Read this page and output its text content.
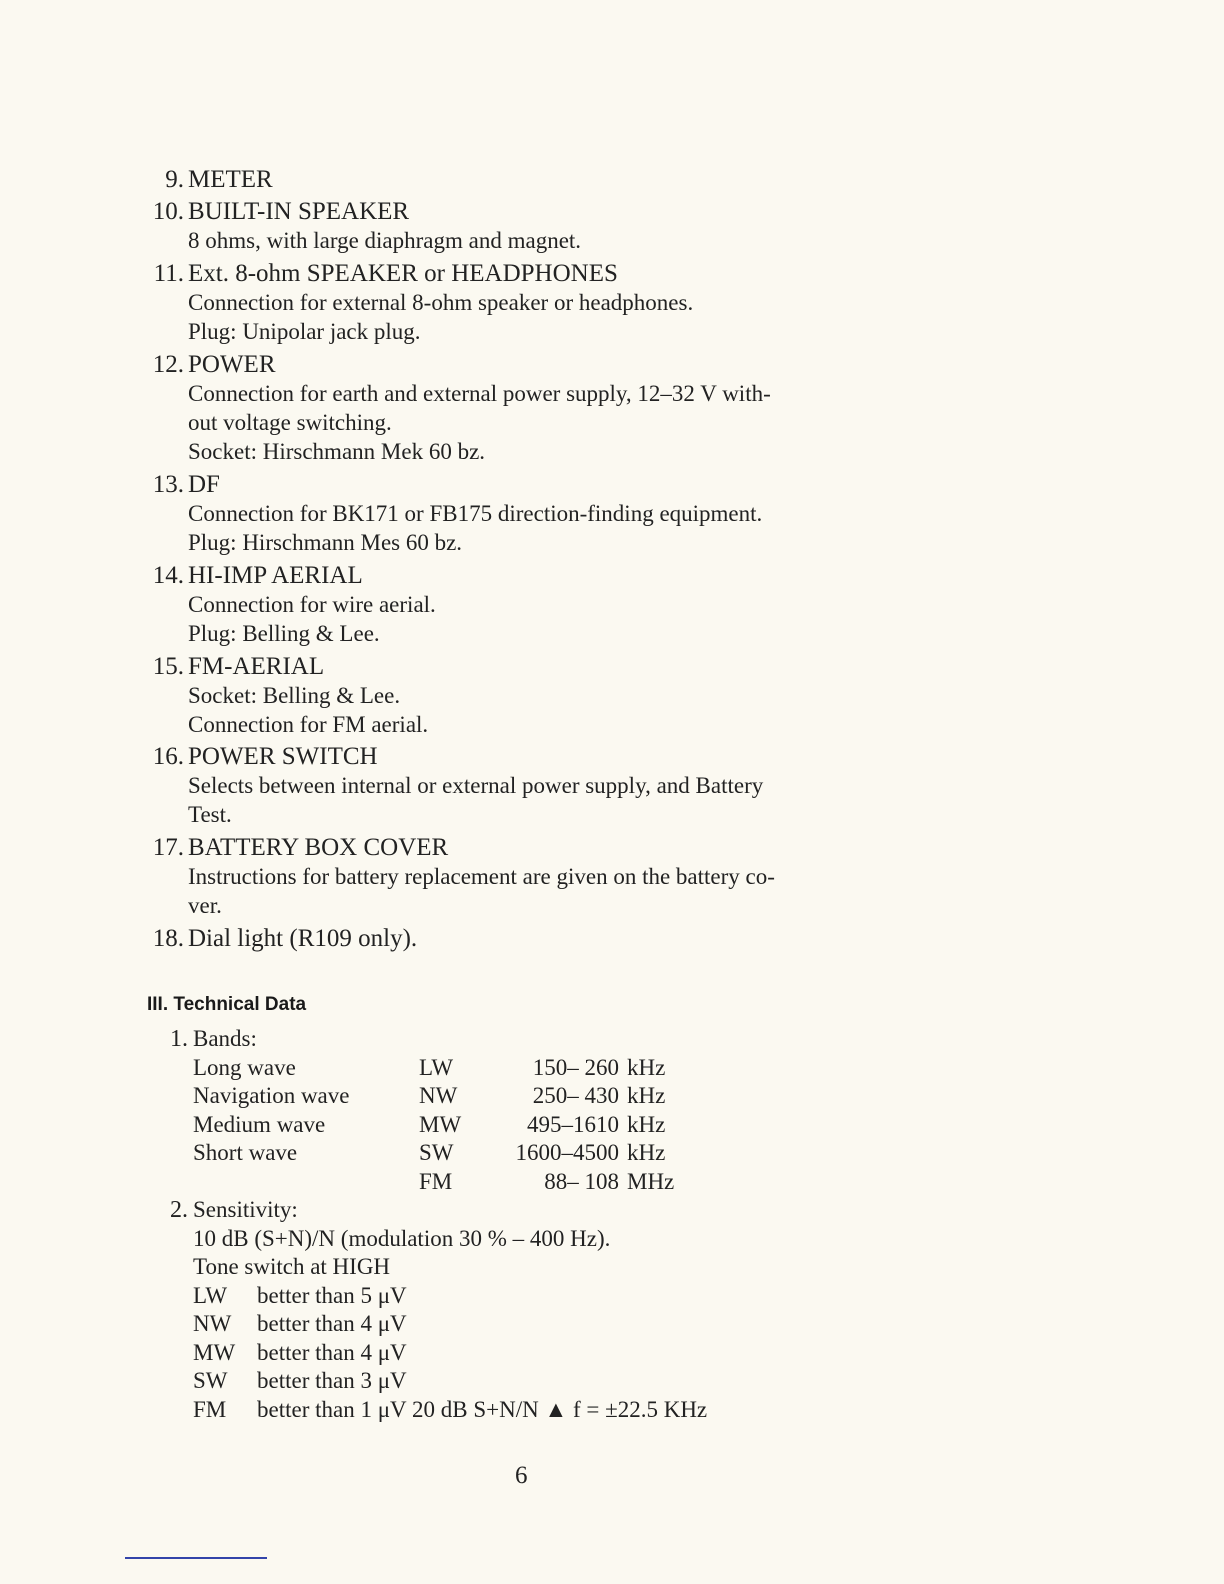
9. METER
10. BUILT-IN SPEAKER
8 ohms, with large diaphragm and magnet.
11. Ext. 8-ohm SPEAKER or HEADPHONES
Connection for external 8-ohm speaker or headphones.
Plug: Unipolar jack plug.
12. POWER
Connection for earth and external power supply, 12–32 V with-
out voltage switching.
Socket: Hirschmann Mek 60 bz.
13. DF
Connection for BK171 or FB175 direction-finding equipment.
Plug: Hirschmann Mes 60 bz.
14. HI-IMP AERIAL
Connection for wire aerial.
Plug: Belling & Lee.
15. FM-AERIAL
Socket: Belling & Lee.
Connection for FM aerial.
16. POWER SWITCH
Selects between internal or external power supply, and Battery
Test.
17. BATTERY BOX COVER
Instructions for battery replacement are given on the battery co-
ver.
18. Dial light (R109 only).
III. Technical Data
1. Bands:
Long wave	LW	150– 260	kHz
Navigation wave	NW	250– 430	kHz
Medium wave	MW	495–1610	kHz
Short wave	SW	1600–4500	kHz
	FM	88– 108	MHz
2. Sensitivity:
10 dB (S+N)/N (modulation 30 % – 400 Hz).
Tone switch at HIGH
LW better than 5 μV
NW better than 4 μV
MW better than 4 μV
SW better than 3 μV
FM better than 1 μV 20 dB S+N/N ▲ f = ±22.5 KHz
6
